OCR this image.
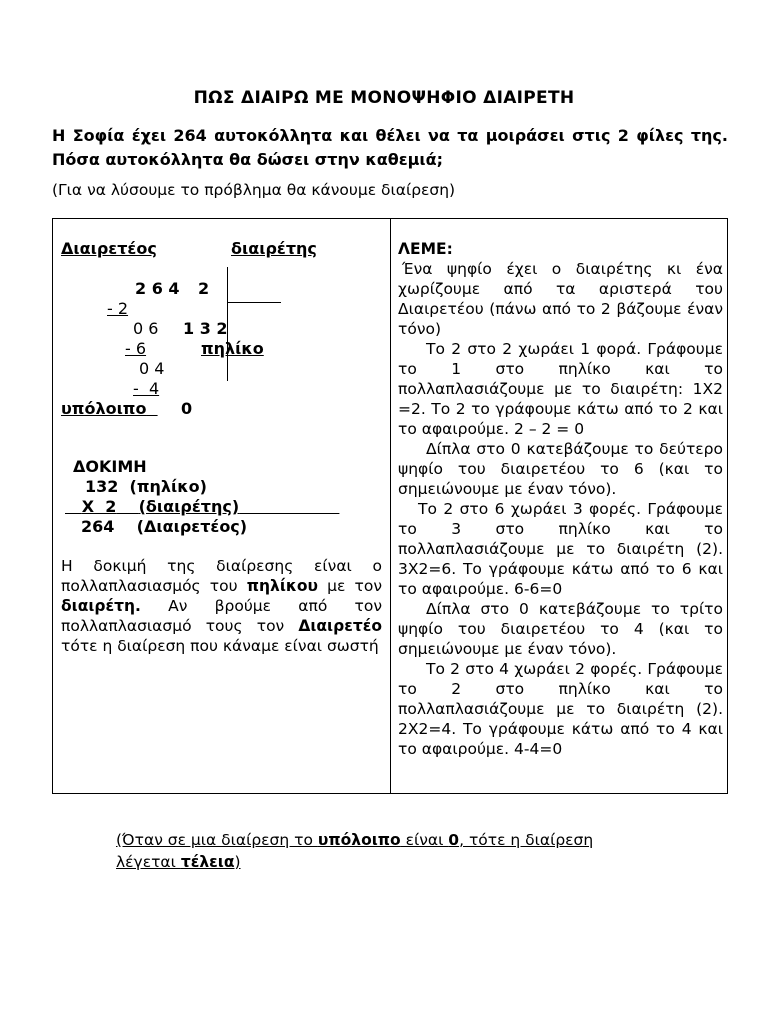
ΠΩΣ ΔΙΑΙΡΩ ΜΕ ΜΟΝΟΨΗΦΙΟ ΔΙΑΙΡΕΤΗ
Η Σοφία έχει 264 αυτοκόλλητα και θέλει να τα μοιράσει στις 2 φίλες της. Πόσα αυτοκόλλητα θα δώσει στην καθεμιά;
(Για να λύσουμε το πρόβλημα θα κάνουμε διαίρεση)
Διαιρετέος	διαιρέτης
2 6 4 2
- 2
0 6 1 3 2
- 6	πηλίκο
0 4
-  4
υπόλοιπο	0
ΔΟΚΙΜΗ
132  (πηλίκο)
X  2 (διαιρέτης)
264    (Διαιρετέος)
Η δοκιμή της διαίρεσης είναι ο πολλαπλασιασμός του πηλίκου με τον διαιρέτη. Αν βρούμε από τον πολλαπλασιασμό τους τον Διαιρετέο τότε η διαίρεση που κάναμε είναι σωστή

ΛΕΜΕ:

Ένα ψηφίο έχει ο διαιρέτης κι ένα χωρίζουμε από τα αριστερά του Διαιρετέου (πάνω από το 2 βάζουμε έναν τόνο)

Το 2 στο 2 χωράει 1 φορά. Γράφουμε το 1 στο πηλίκο και το πολλαπλασιάζουμε με το διαιρέτη: 1Χ2 =2. Το 2 το γράφουμε κάτω από το 2 και το αφαιρούμε. 2 – 2 = 0

Δίπλα στο 0 κατεβάζουμε το δεύτερο ψηφίο του διαιρετέου το 6 (και το σημειώνουμε με έναν τόνο).

Το 2 στο 6 χωράει 3 φορές. Γράφουμε το 3 στο πηλίκο και το πολλαπλασιάζουμε με το διαιρέτη (2). 3Χ2=6. Το γράφουμε κάτω από το 6 και το αφαιρούμε. 6-6=0

Δίπλα στο 0 κατεβάζουμε το τρίτο ψηφίο του διαιρετέου το 4 (και το σημειώνουμε με έναν τόνο).

Το 2 στο 4 χωράει 2 φορές. Γράφουμε το 2 στο πηλίκο και το πολλαπλασιάζουμε με το διαιρέτη (2). 2Χ2=4. Το γράφουμε κάτω από το 4 και το αφαιρούμε. 4-4=0

(Όταν σε μια διαίρεση το υπόλοιπο είναι 0, τότε η διαίρεση λέγεται τέλεια)
